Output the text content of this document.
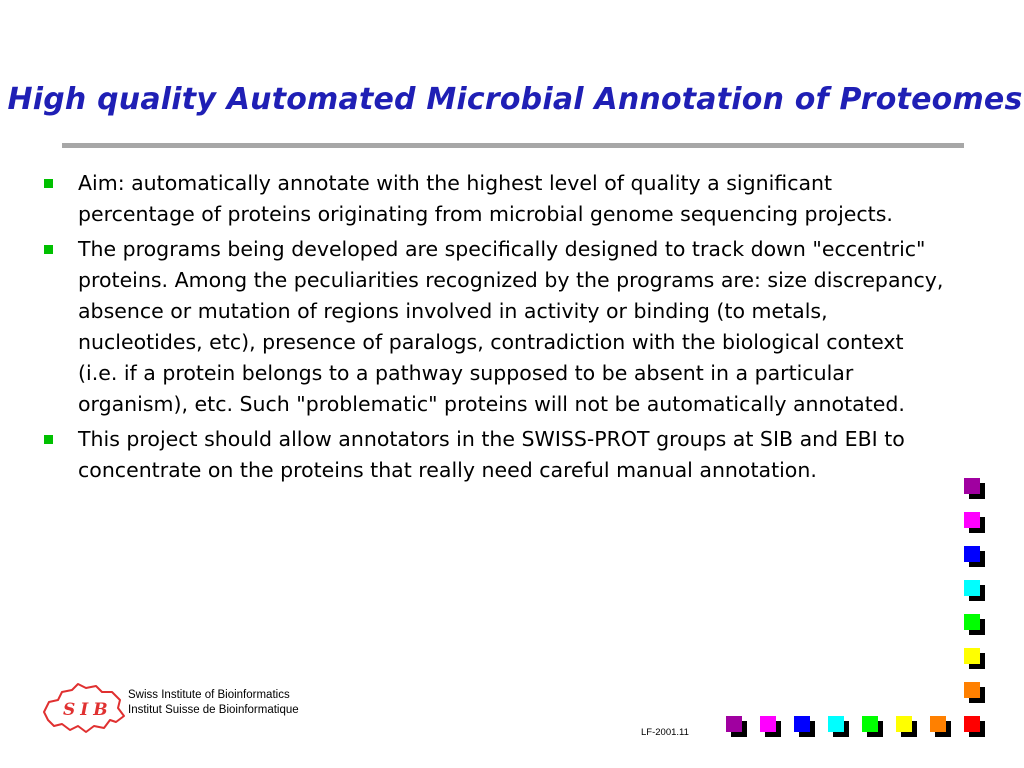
High quality Automated Microbial Annotation of Proteomes
Aim: automatically annotate with the highest level of quality a significant percentage of proteins originating from microbial genome sequencing projects.
The programs being developed are specifically designed to track down "eccentric" proteins. Among the peculiarities recognized by the programs are: size discrepancy, absence or mutation of regions involved in activity or binding (to metals, nucleotides, etc), presence of paralogs, contradiction with the biological context (i.e. if a protein belongs to a pathway supposed to be absent in a particular organism), etc. Such "problematic" proteins will not be automatically annotated.
This project should allow annotators in the SWISS-PROT groups at SIB and EBI to concentrate on the proteins that really need careful manual annotation.
SIB
Swiss Institute of Bioinformatics
Institut Suisse de Bioinformatique
LF-2001.11
